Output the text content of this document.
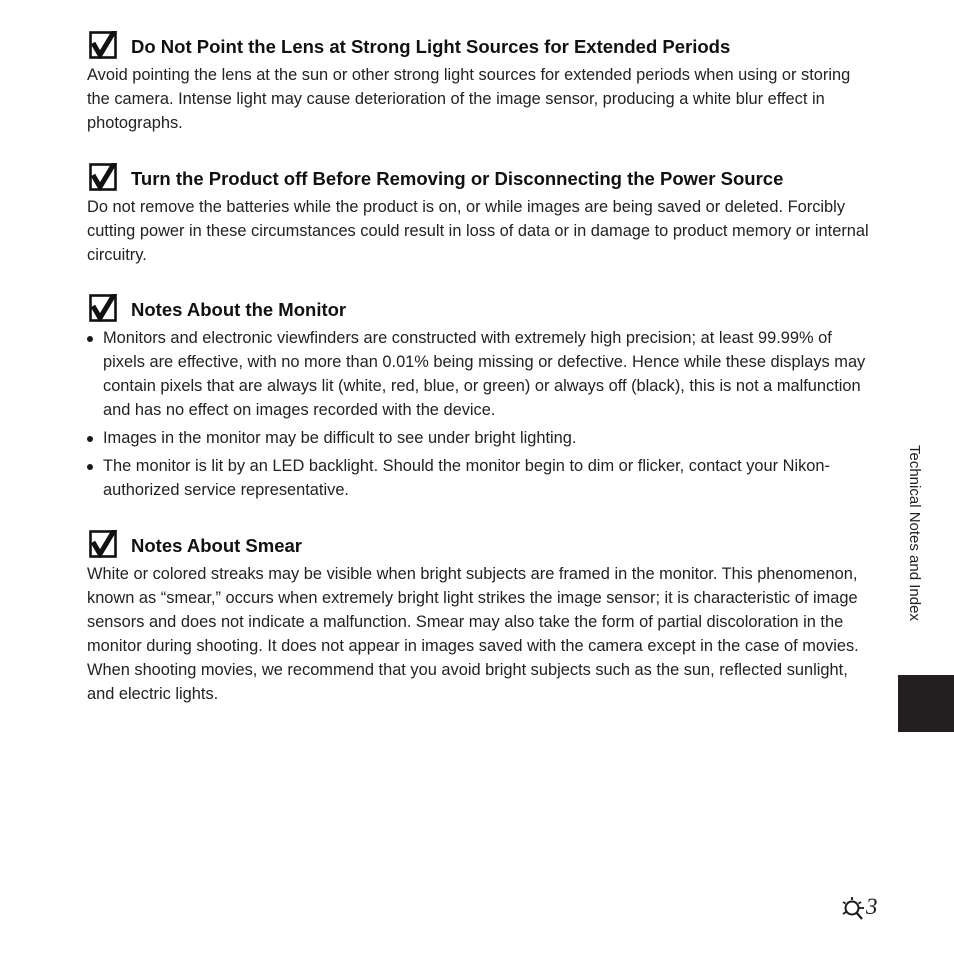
Do Not Point the Lens at Strong Light Sources for Extended Periods

Avoid pointing the lens at the sun or other strong light sources for extended periods when using or storing the camera. Intense light may cause deterioration of the image sensor, producing a white blur effect in photographs.

Turn the Product off Before Removing or Disconnecting the Power Source

Do not remove the batteries while the product is on, or while images are being saved or deleted. Forcibly cutting power in these circumstances could result in loss of data or in damage to product memory or internal circuitry.

Notes About the Monitor
Monitors and electronic viewfinders are constructed with extremely high precision; at least 99.99% of pixels are effective, with no more than 0.01% being missing or defective. Hence while these displays may contain pixels that are always lit (white, red, blue, or green) or always off (black), this is not a malfunction and has no effect on images recorded with the device.
Images in the monitor may be difficult to see under bright lighting.
The monitor is lit by an LED backlight. Should the monitor begin to dim or flicker, contact your Nikon-authorized service representative.
Notes About Smear

White or colored streaks may be visible when bright subjects are framed in the monitor. This phenomenon, known as “smear,” occurs when extremely bright light strikes the image sensor; it is characteristic of image sensors and does not indicate a malfunction. Smear may also take the form of partial discoloration in the monitor during shooting. It does not appear in images saved with the camera except in the case of movies. When shooting movies, we recommend that you avoid bright subjects such as the sun, reflected sunlight, and electric lights.

Technical Notes and Index
3
